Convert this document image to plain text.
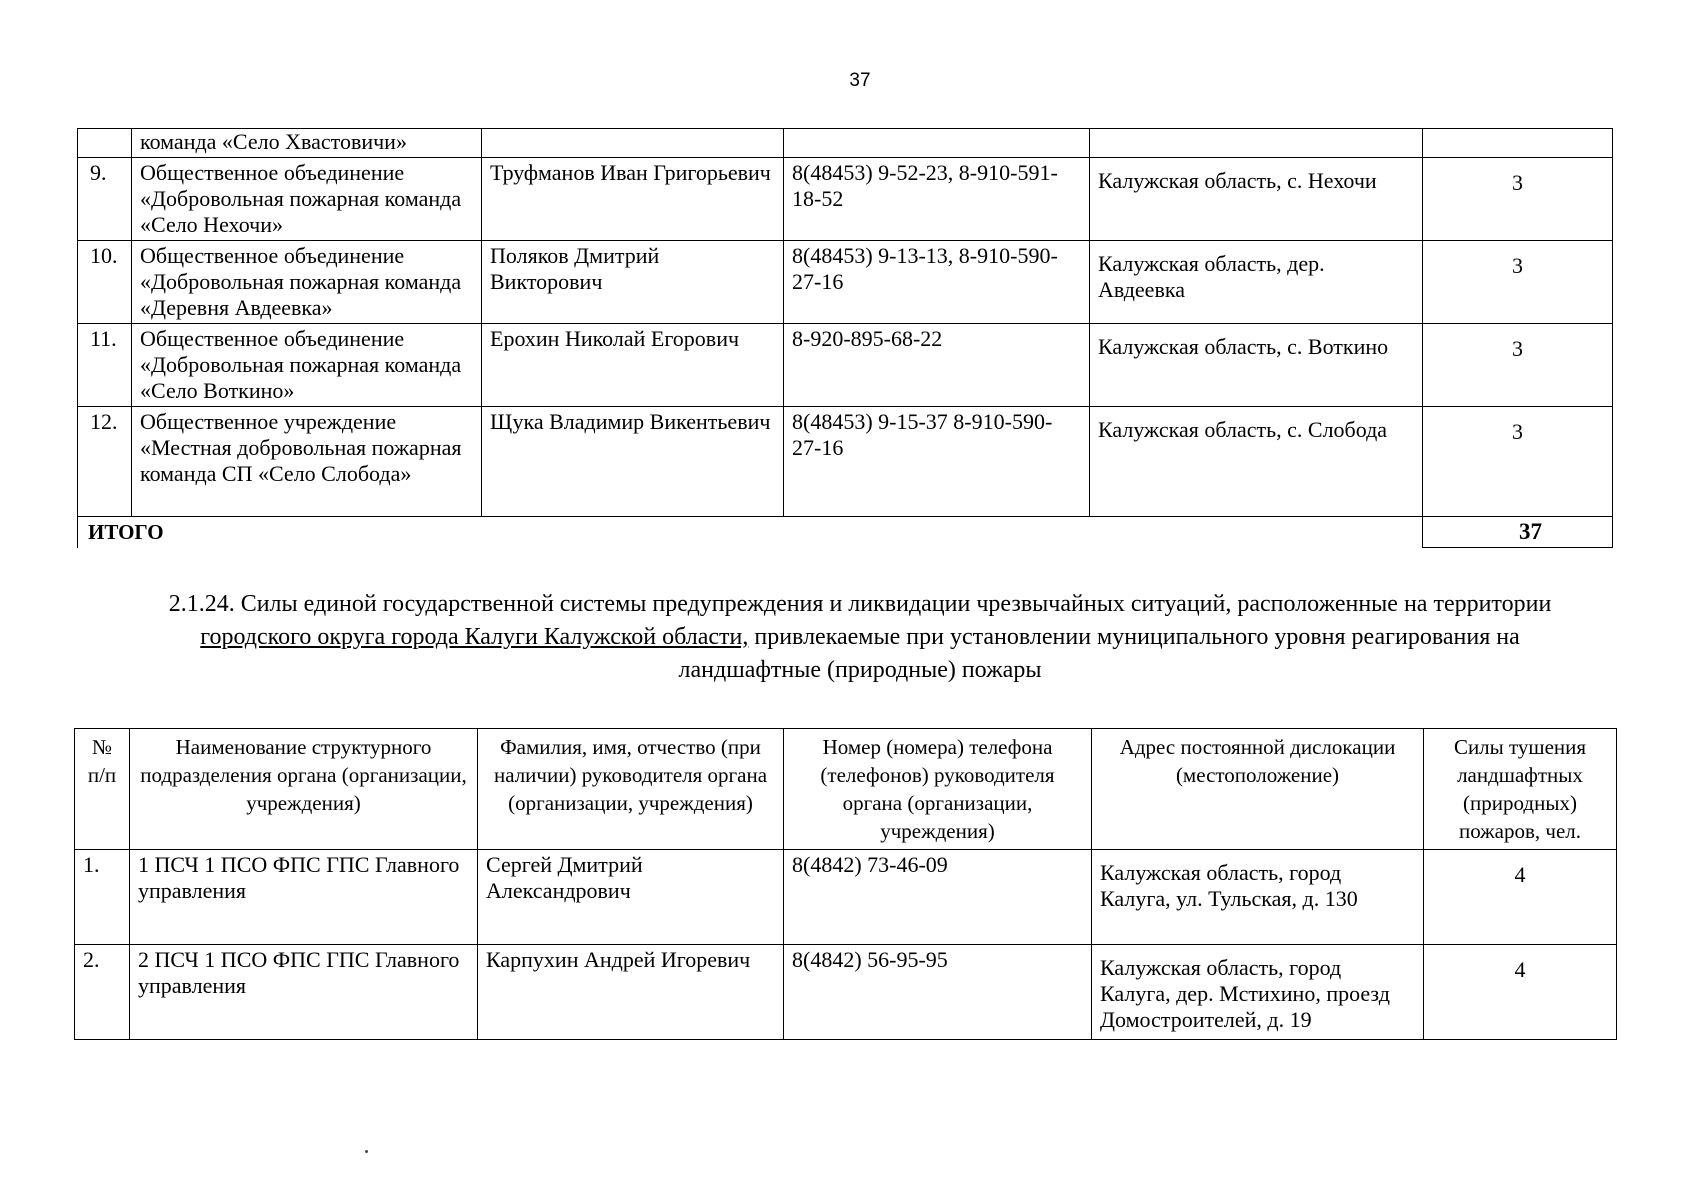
37
	команда «Село Хвастовичи»				
9.	Общественное объединение «Добровольная пожарная команда «Село Нехочи»	Труфманов Иван Григорьевич	8(48453) 9-52-23, 8-910-591-18-52	Калужская область, с. Нехочи	3
10.	Общественное объединение «Добровольная пожарная команда «Деревня Авдеевка»	Поляков Дмитрий Викторович	8(48453) 9-13-13, 8-910-590-27-16	Калужская область, дер. Авдеевка	3
11.	Общественное объединение «Добровольная пожарная команда «Село Воткино»	Ерохин Николай Егорович	8-920-895-68-22	Калужская область, с. Воткино	3
12.	Общественное учреждение «Местная добровольная пожарная команда СП «Село Слобода»	Щука Владимир Викентьевич	8(48453) 9-15-37 8-910-590-27-16	Калужская область, с. Слобода	3
ИТОГО					37
2.1.24. Силы единой государственной системы предупреждения и ликвидации чрезвычайных ситуаций, расположенные на территории городского округа города Калуги Калужской области, привлекаемые при установлении муниципального уровня реагирования на ландшафтные (природные) пожары
№ п/п	Наименование структурного подразделения органа (организации, учреждения)	Фамилия, имя, отчество (при наличии) руководителя органа (организации, учреждения)	Номер (номера) телефона (телефонов) руководителя органа (организации, учреждения)	Адрес постоянной дислокации (местоположение)	Силы тушения ландшафтных (природных) пожаров, чел.
1.	1 ПСЧ 1 ПСО ФПС ГПС Главного управления	Сергей Дмитрий Александрович	8(4842) 73-46-09	Калужская область, город Калуга, ул. Тульская, д. 130	4
2.	2 ПСЧ 1 ПСО ФПС ГПС Главного управления	Карпухин Андрей Игоревич	8(4842) 56-95-95	Калужская область, город Калуга, дер. Мстихино, проезд Домостроителей, д. 19	4
